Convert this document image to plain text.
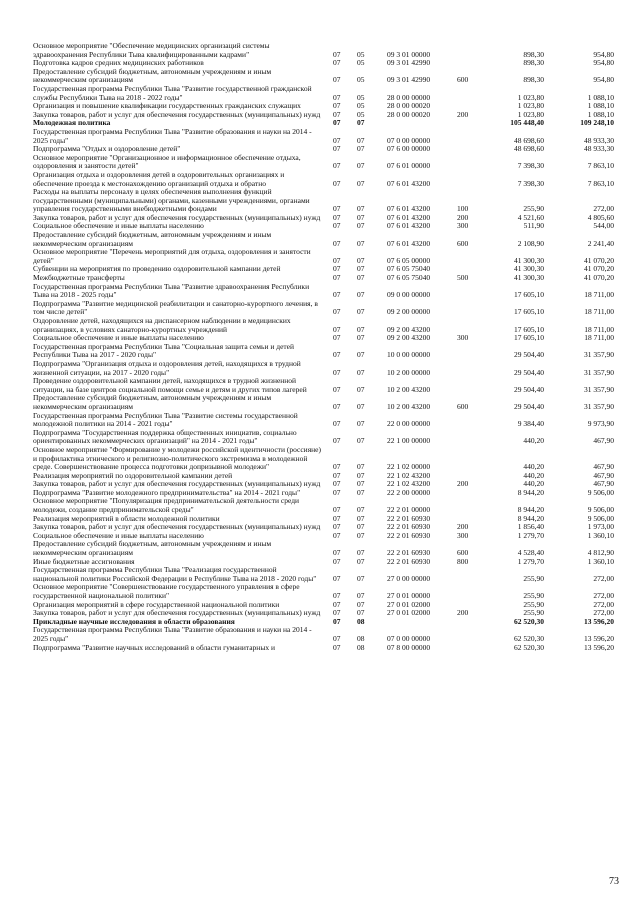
Основное мероприятие "Обеспечение медицинских организаций системы здравоохранения Республики Тыва квалифицированными кадрами"	07	05	09 3 01 00000		898,30	954,80
Подготовка кадров средних медицинских работников	07	05	09 3 01 42990		898,30	954,80
Предоставление субсидий бюджетным, автономным учреждениям и иным некоммерческим организациям	07	05	09 3 01 42990	600	898,30	954,80
Государственная программа Республики Тыва "Развитие государственной гражданской службы Республики Тыва на 2018 - 2022 годы"	07	05	28 0 00 00000		1 023,80	1 088,10
Организация и повышение квалификации государственных гражданских служащих	07	05	28 0 00 00020		1 023,80	1 088,10
Закупка товаров, работ и услуг для обеспечения государственных (муниципальных) нужд	07	05	28 0 00 00020	200	1 023,80	1 088,10
Молодежная политика	07	07			105 448,40	109 248,10
Государственная программа Республики Тыва "Развитие образования и науки на 2014 - 2025 годы"	07	07	07 0 00 00000		48 698,60	48 933,30
Подпрограмма "Отдых и оздоровление детей"	07	07	07 6 00 00000		48 698,60	48 933,30
Основное мероприятие "Организационное и информационное обеспечение отдыха, оздоровления и занятости детей"	07	07	07 6 01 00000		7 398,30	7 863,10
Организация отдыха и оздоровления детей в оздоровительных организациях и обеспечение проезда к местонахождению организаций отдыха и обратно	07	07	07 6 01 43200		7 398,30	7 863,10
Расходы на выплаты персоналу в целях обеспечения выполнения функций государственными (муниципальными) органами, казенными учреждениями, органами управления государственными внебюджетными фондами	07	07	07 6 01 43200	100	255,90	272,00
Закупка товаров, работ и услуг для обеспечения государственных (муниципальных) нужд	07	07	07 6 01 43200	200	4 521,60	4 805,60
Социальное обеспечение и иные выплаты населению	07	07	07 6 01 43200	300	511,90	544,00
Предоставление субсидий бюджетным, автономным учреждениям и иным некоммерческим организациям	07	07	07 6 01 43200	600	2 108,90	2 241,40
Основное мероприятие "Перечень мероприятий для отдыха, оздоровления и занятости детей"	07	07	07 6 05 00000		41 300,30	41 070,20
Субвенции на мероприятия по проведению оздоровительной кампании детей	07	07	07 6 05 75040		41 300,30	41 070,20
Межбюджетные трансферты	07	07	07 6 05 75040	500	41 300,30	41 070,20
Государственная программа Республики Тыва "Развитие здравоохранения Республики Тыва на 2018 - 2025 годы"	07	07	09 0 00 00000		17 605,10	18 711,00
Подпрограмма "Развитие медицинской реабилитации и санаторно-курортного лечения, в том числе детей"	07	07	09 2 00 00000		17 605,10	18 711,00
Оздоровление детей, находящихся на диспансерном наблюдении в медицинских организациях, в условиях санаторно-курортных учреждений	07	07	09 2 00 43200		17 605,10	18 711,00
Социальное обеспечение и иные выплаты населению	07	07	09 2 00 43200	300	17 605,10	18 711,00
Государственная программа Республики Тыва "Социальная защита семьи и детей Республики Тыва на 2017 - 2020 годы"	07	07	10 0 00 00000		29 504,40	31 357,90
Подпрограмма "Организация отдыха и оздоровления детей, находящихся в трудной жизненной ситуации, на 2017 - 2020 годы"	07	07	10 2 00 00000		29 504,40	31 357,90
Проведение оздоровительной кампании детей, находящихся в трудной жизненной ситуации, на базе центров социальной помощи семье и детям и других типов лагерей	07	07	10 2 00 43200		29 504,40	31 357,90
Предоставление субсидий бюджетным, автономным учреждениям и иным некоммерческим организациям	07	07	10 2 00 43200	600	29 504,40	31 357,90
Государственная программа Республики Тыва "Развитие системы государственной молодежной политики на 2014 - 2021 годы"	07	07	22 0 00 00000		9 384,40	9 973,90
Подпрограмма "Государственная поддержка общественных инициатив, социально ориентированных некоммерческих организаций" на 2014 - 2021 годы"	07	07	22 1 00 00000		440,20	467,90
Основное мероприятие "Формирование у молодежи российской идентичности (россияне) и профилактика этнического и религиозно-политического экстремизма в молодежной среде. Совершенствование процесса подготовки допризывной молодежи"	07	07	22 1 02 00000		440,20	467,90
Реализация мероприятий по оздоровительной кампании детей	07	07	22 1 02 43200		440,20	467,90
Закупка товаров, работ и услуг для обеспечения государственных (муниципальных) нужд	07	07	22 1 02 43200	200	440,20	467,90
Подпрограмма "Развитие молодежного предпринимательства" на 2014 - 2021 годы"	07	07	22 2 00 00000		8 944,20	9 506,00
Основное мероприятие "Популяризация предпринимательской деятельности среди молодежи, создание предпринимательской среды"	07	07	22 2 01 00000		8 944,20	9 506,00
Реализация мероприятий в области молодежной политики	07	07	22 2 01 60930		8 944,20	9 506,00
Закупка товаров, работ и услуг для обеспечения государственных (муниципальных) нужд	07	07	22 2 01 60930	200	1 856,40	1 973,00
Социальное обеспечение и иные выплаты населению	07	07	22 2 01 60930	300	1 279,70	1 360,10
Предоставление субсидий бюджетным, автономным учреждениям и иным некоммерческим организациям	07	07	22 2 01 60930	600	4 528,40	4 812,90
Иные бюджетные ассигнования	07	07	22 2 01 60930	800	1 279,70	1 360,10
Государственная программа Республики Тыва "Реализация государственной национальной политики Российской Федерации в Республике Тыва на 2018 - 2020 годы"	07	07	27 0 00 00000		255,90	272,00
Основное мероприятие "Совершенствование государственного управления в сфере государственной национальной политики"	07	07	27 0 01 00000		255,90	272,00
Организация мероприятий в сфере государственной национальной политики	07	07	27 0 01 02000		255,90	272,00
Закупка товаров, работ и услуг для обеспечения государственных (муниципальных) нужд	07	07	27 0 01 02000	200	255,90	272,00
Прикладные научные исследования в области образования	07	08			62 520,30	13 596,20
Государственная программа Республики Тыва "Развитие образования и науки на 2014 - 2025 годы"	07	08	07 0 00 00000		62 520,30	13 596,20
Подпрограмма "Развитие научных исследований в области гуманитарных и	07	08	07 8 00 00000		62 520,30	13 596,20
73
